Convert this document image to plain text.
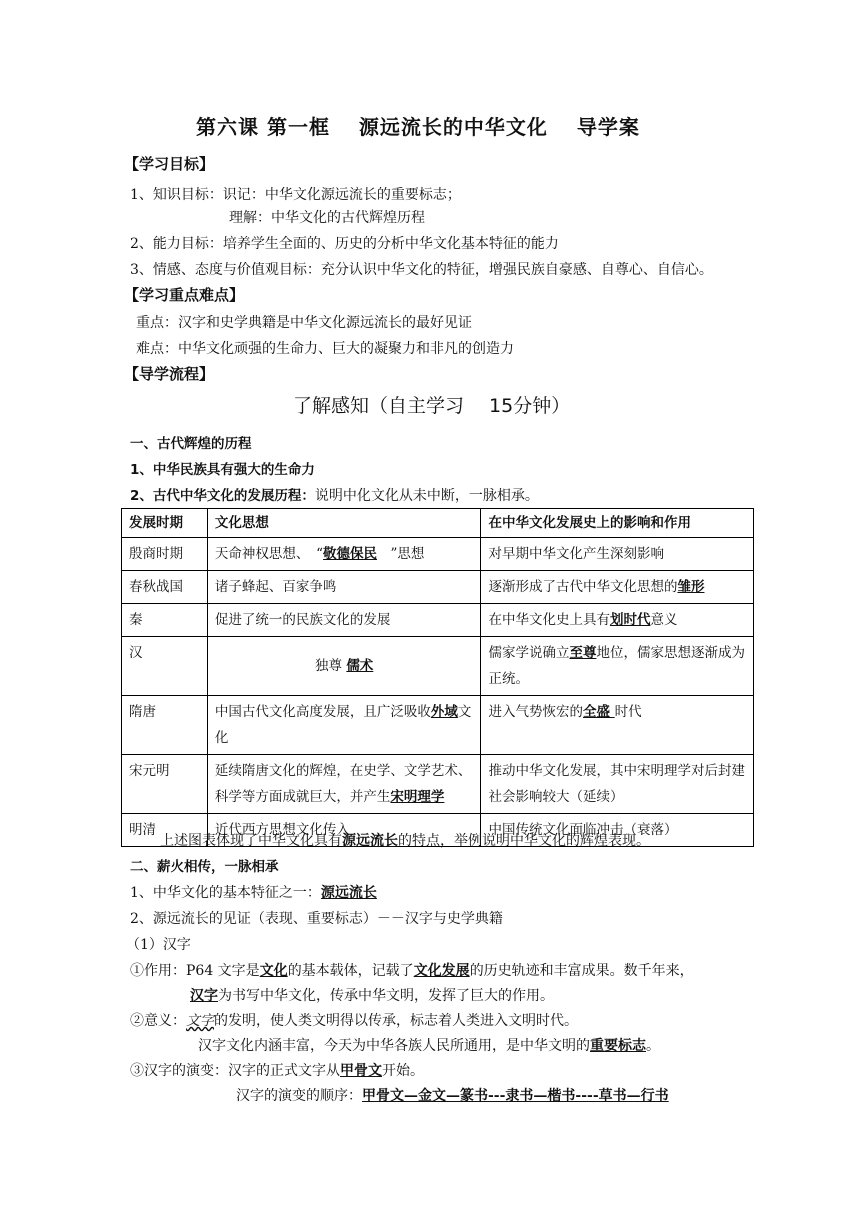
第六课 第一框　 源远流长的中华文化　 导学案
【学习目标】
1、知识目标：识记：中华文化源远流长的重要标志；
理解：中华文化的古代辉煌历程
2、能力目标：培养学生全面的、历史的分析中华文化基本特征的能力
3、情感、态度与价值观目标：充分认识中华文化的特征，增强民族自豪感、自尊心、自信心。
【学习重点难点】
重点：汉字和史学典籍是中华文化源远流长的最好见证
难点：中华文化顽强的生命力、巨大的凝聚力和非凡的创造力
【导学流程】
了解感知（自主学习　 15分钟）
一、古代辉煌的历程
1、中华民族具有强大的生命力
2、古代中华文化的发展历程：说明中化文化从未中断，一脉相承。
发展时期	文化思想	在中华文化发展史上的影响和作用
殷商时期	天命神权思想、　“敬德保民　”思想	对早期中华文化产生深刻影响
春秋战国	诸子蜂起、百家争鸣	逐渐形成了古代中华文化思想的雏形
秦	促进了统一的民族文化的发展	在中华文化史上具有划时代意义
汉	独尊 儒术	儒家学说确立至尊地位，儒家思想逐渐成为正统。
隋唐	中国古代文化高度发展，且广泛吸收外域文化	进入气势恢宏的全盛 时代
宋元明	延续隋唐文化的辉煌，在史学、文学艺术、科学等方面成就巨大，并产生宋明理学	推动中华文化发展，其中宋明理学对后封建社会影响较大（延续）
明清	近代西方思想文化传入	中国传统文化面临冲击（衰落）
上述图表体现了中华文化具有源远流长的特点，举例说明中华文化的辉煌表现。
二、薪火相传，一脉相承
1、中华文化的基本特征之一：源远流长
2、源远流长的见证（表现、重要标志）－－汉字与史学典籍
（1）汉字
①作用：P64 文字是文化的基本载体，记载了文化发展的历史轨迹和丰富成果。数千年来，
汉字为书写中华文化，传承中华文明，发挥了巨大的作用。
②意义：文字的发明，使人类文明得以传承，标志着人类进入文明时代。
汉字文化内涵丰富，今天为中华各族人民所通用，是中华文明的重要标志。
③汉字的演变：汉字的正式文字从甲骨文开始。
汉字的演变的顺序：甲骨文—金文—篆书---隶书—楷书----草书—行书
